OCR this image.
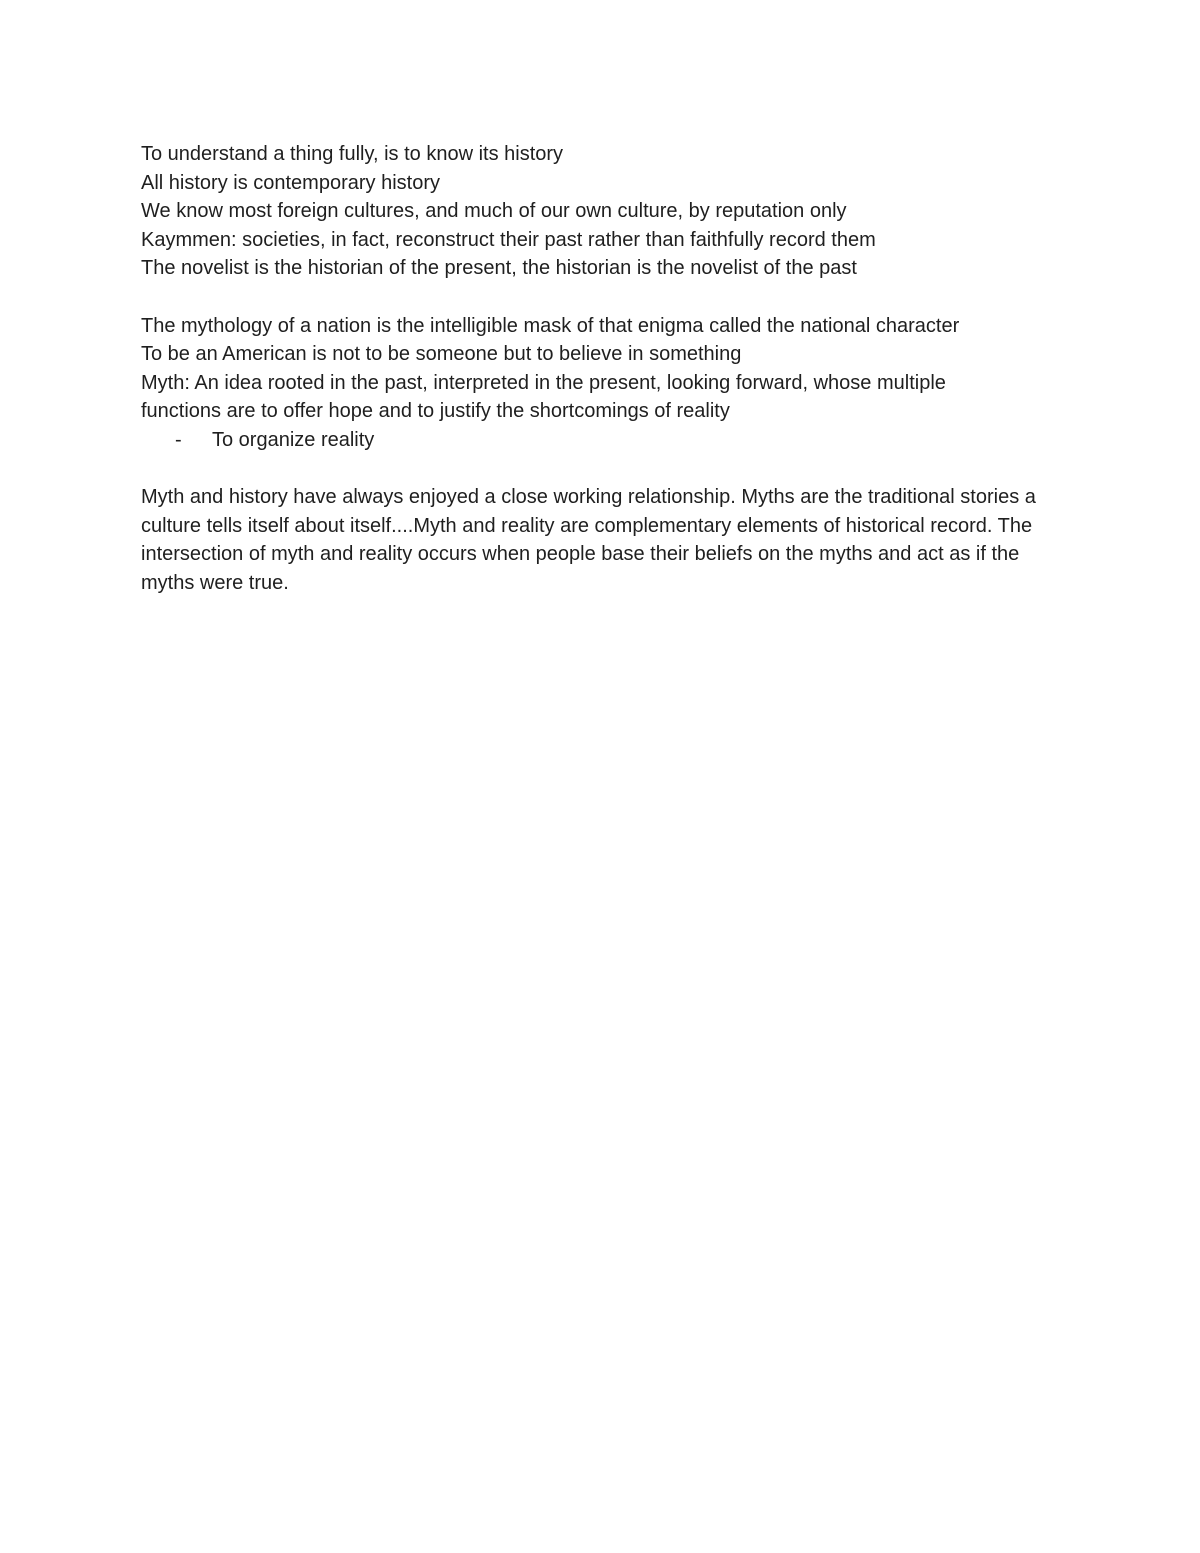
To understand a thing fully, is to know its history

All history is contemporary history

We know most foreign cultures, and much of our own culture, by reputation only

Kaymmen: societies, in fact, reconstruct their past rather than faithfully record them

The novelist is the historian of the present, the historian is the novelist of the past

The mythology of a nation is the intelligible mask of that enigma called the national character

To be an American is not to be someone but to believe in something

Myth: An idea rooted in the past, interpreted in the present, looking forward, whose multiple functions are to offer hope and to justify the shortcomings of reality

- To organize reality

Myth and history have always enjoyed a close working relationship. Myths are the traditional stories a culture tells itself about itself....Myth and reality are complementary elements of historical record. The intersection of myth and reality occurs when people base their beliefs on the myths and act as if the myths were true.
